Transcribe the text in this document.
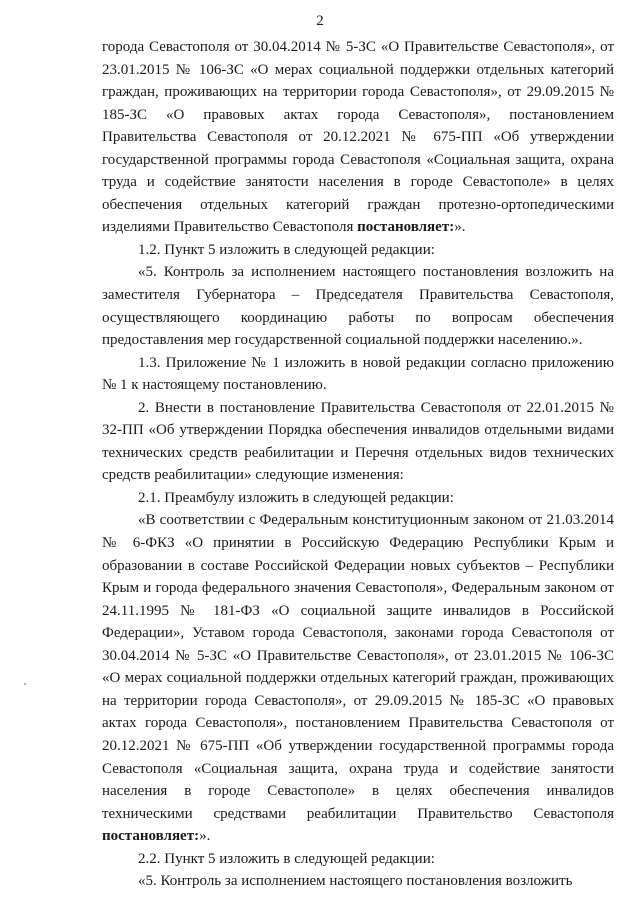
2

города Севастополя от 30.04.2014 № 5-ЗС «О Правительстве Севастополя», от 23.01.2015 № 106-ЗС «О мерах социальной поддержки отдельных категорий граждан, проживающих на территории города Севастополя», от 29.09.2015 № 185-ЗС «О правовых актах города Севастополя», постановлением Правительства Севастополя от 20.12.2021 № 675-ПП «Об утверждении государственной программы города Севастополя «Социальная защита, охрана труда и содействие занятости населения в городе Севастополе» в целях обеспечения отдельных категорий граждан протезно-ортопедическими изделиями Правительство Севастополя постановляет:».

1.2. Пункт 5 изложить в следующей редакции:

«5. Контроль за исполнением настоящего постановления возложить на заместителя Губернатора – Председателя Правительства Севастополя, осуществляющего координацию работы по вопросам обеспечения предоставления мер государственной социальной поддержки населению.».

1.3. Приложение № 1 изложить в новой редакции согласно приложению № 1 к настоящему постановлению.

2. Внести в постановление Правительства Севастополя от 22.01.2015 № 32-ПП «Об утверждении Порядка обеспечения инвалидов отдельными видами технических средств реабилитации и Перечня отдельных видов технических средств реабилитации» следующие изменения:

2.1. Преамбулу изложить в следующей редакции:

«В соответствии с Федеральным конституционным законом от 21.03.2014 № 6-ФКЗ «О принятии в Российскую Федерацию Республики Крым и образовании в составе Российской Федерации новых субъектов – Республики Крым и города федерального значения Севастополя», Федеральным законом от 24.11.1995 № 181-ФЗ «О социальной защите инвалидов в Российской Федерации», Уставом города Севастополя, законами города Севастополя от 30.04.2014 № 5-ЗС «О Правительстве Севастополя», от 23.01.2015 № 106-ЗС «О мерах социальной поддержки отдельных категорий граждан, проживающих на территории города Севастополя», от 29.09.2015 № 185-ЗС «О правовых актах города Севастополя», постановлением Правительства Севастополя от 20.12.2021 № 675-ПП «Об утверждении государственной программы города Севастополя «Социальная защита, охрана труда и содействие занятости населения в городе Севастополе» в целях обеспечения инвалидов техническими средствами реабилитации Правительство Севастополя постановляет:».

2.2. Пункт 5 изложить в следующей редакции:

«5. Контроль за исполнением настоящего постановления возложить
